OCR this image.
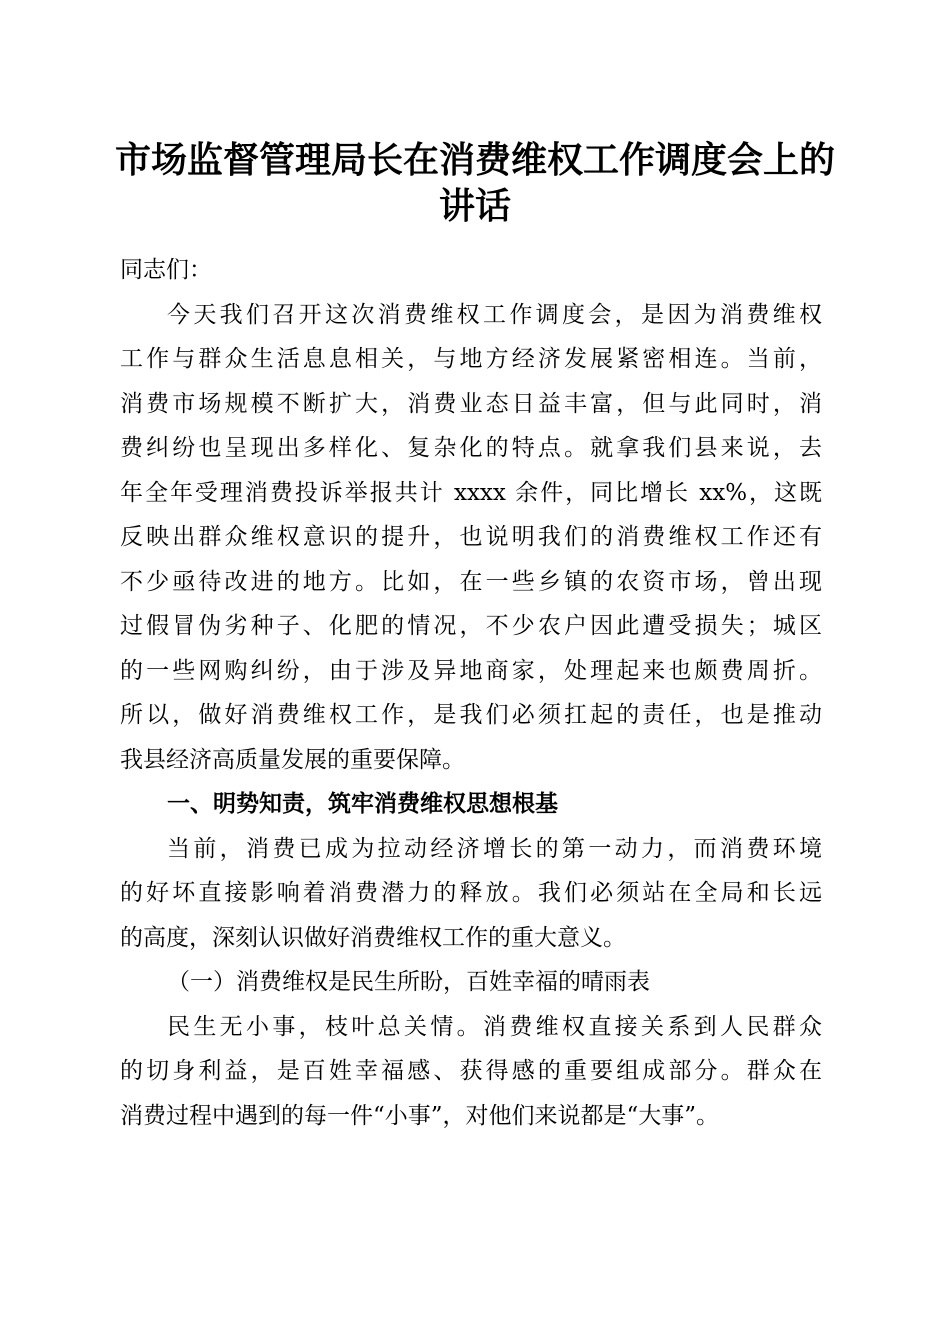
市场监督管理局长在消费维权工作调度会上的
讲话
同志们：
今天我们召开这次消费维权工作调度会，是因为消费维权
工作与群众生活息息相关，与地方经济发展紧密相连。当前，
消费市场规模不断扩大，消费业态日益丰富，但与此同时，消
费纠纷也呈现出多样化、复杂化的特点。就拿我们县来说，去
年全年受理消费投诉举报共计 xxxx 余件，同比增长 xx%，这既
反映出群众维权意识的提升，也说明我们的消费维权工作还有
不少亟待改进的地方。比如，在一些乡镇的农资市场，曾出现
过假冒伪劣种子、化肥的情况，不少农户因此遭受损失；城区
的一些网购纠纷，由于涉及异地商家，处理起来也颇费周折。
所以，做好消费维权工作，是我们必须扛起的责任，也是推动
我县经济高质量发展的重要保障。
一、明势知责，筑牢消费维权思想根基
当前，消费已成为拉动经济增长的第一动力，而消费环境
的好坏直接影响着消费潜力的释放。我们必须站在全局和长远
的高度，深刻认识做好消费维权工作的重大意义。
（一）消费维权是民生所盼，百姓幸福的晴雨表
民生无小事，枝叶总关情。消费维权直接关系到人民群众
的切身利益，是百姓幸福感、获得感的重要组成部分。群众在
消费过程中遇到的每一件“小事”，对他们来说都是“大事”。
